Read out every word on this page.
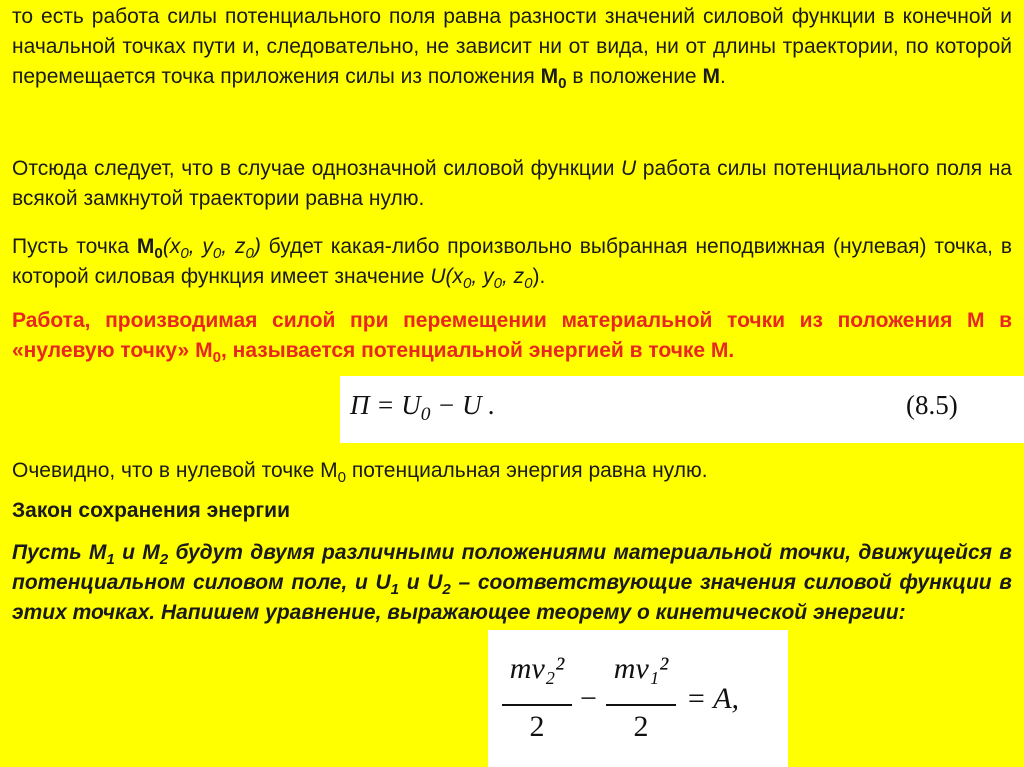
то есть работа силы потенциального поля равна разности значений силовой функции в конечной и начальной точках пути и, следовательно, не зависит ни от вида, ни от длины траектории, по которой перемещается точка приложения силы из положения $M_0$ в положение M.

Отсюда следует, что в случае однозначной силовой функции U работа силы потенциального поля на всякой замкнутой траектории равна нулю.

Пусть точка $M_0(x_0$, $y_0$, $z_0$) будет какая-либо произвольно выбранная неподвижная (нулевая) точка, в которой силовая функция имеет значение $U(x_0$, $y_0$, $z_0$).

Работа, производимая силой при перемещении материальной точки из положения M в «нулевую точку» $M_0$, называется потенциальной энергией в точке M.

$П = U_0 - U$ .	(8.5)

Очевидно, что в нулевой точке $M_0$ потенциальная энергия равна нулю.

Закон сохранения энергии

Пусть $M_1$ и $M_2$ будут двумя различными положениями материальной точки, движущейся в потенциальном силовом поле, и $U_1$ и $U_2$ – соответствующие значения силовой функции в этих точках. Напишем уравнение, выражающее теорему о кинетической энергии:

mv₂²
2
−
mv₁²
2
= A,
